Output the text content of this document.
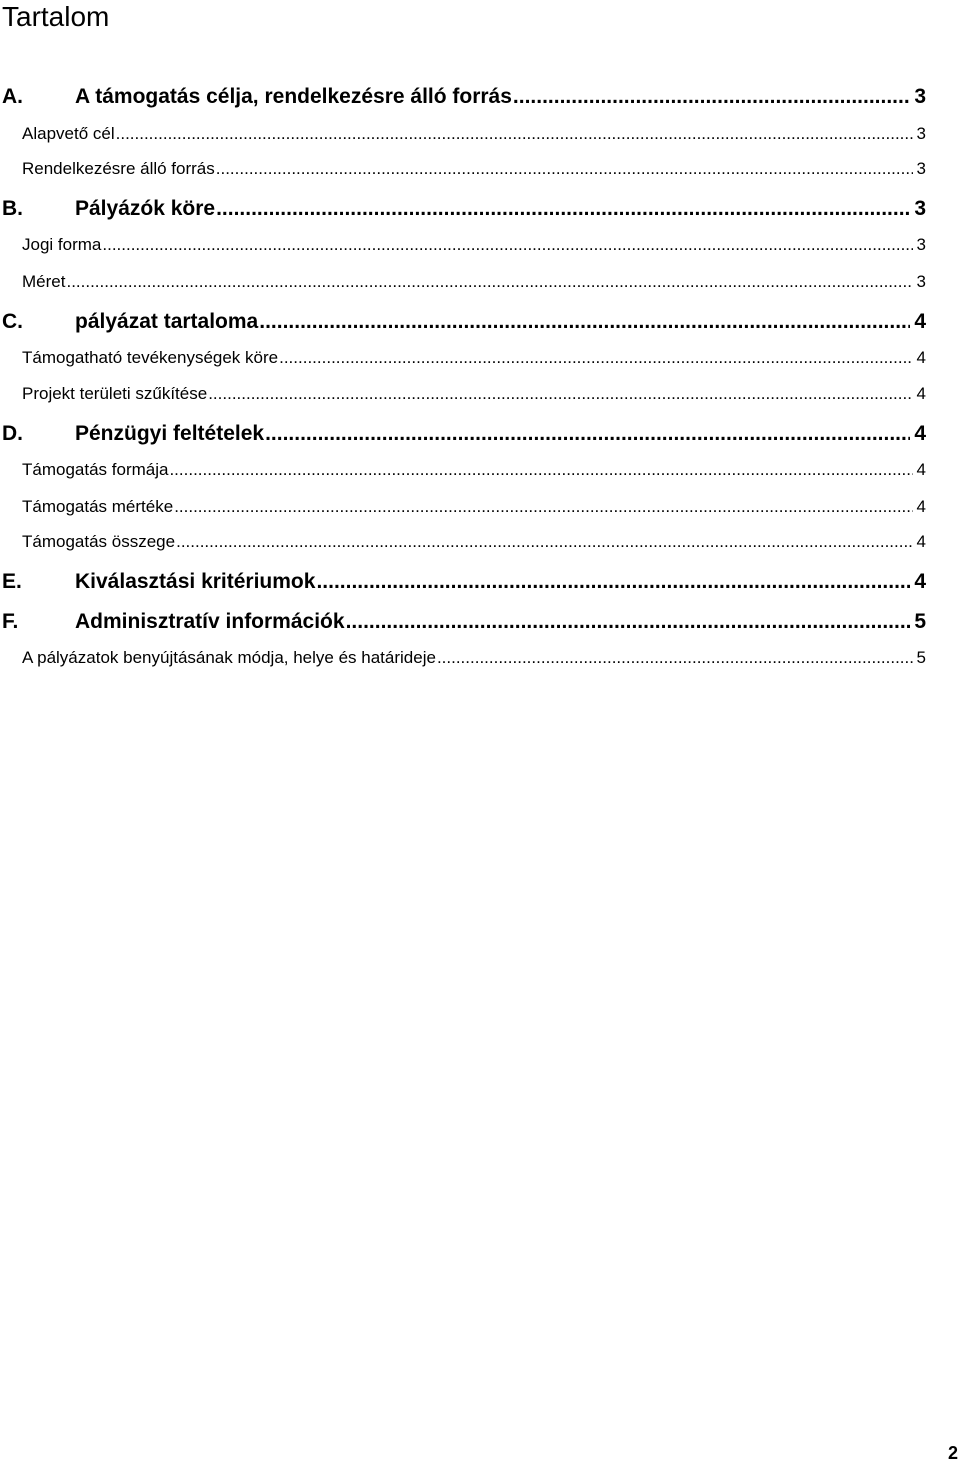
Tartalom
A.	A támogatás célja, rendelkezésre álló forrás .....	3
Alapvető cél .....	3
Rendelkezésre álló forrás .....	3
B.	Pályázók köre .....	3
Jogi forma .....	3
Méret .....	3
C.	pályázat tartaloma .....	4
Támogatható tevékenységek köre .....	4
Projekt területi szűkítése .....	4
D.	Pénzügyi feltételek .....	4
Támogatás formája .....	4
Támogatás mértéke .....	4
Támogatás összege .....	4
E.	Kiválasztási kritériumok .....	4
F.	Adminisztratív információk .....	5
A pályázatok benyújtásának módja, helye és határideje .....	5
2
